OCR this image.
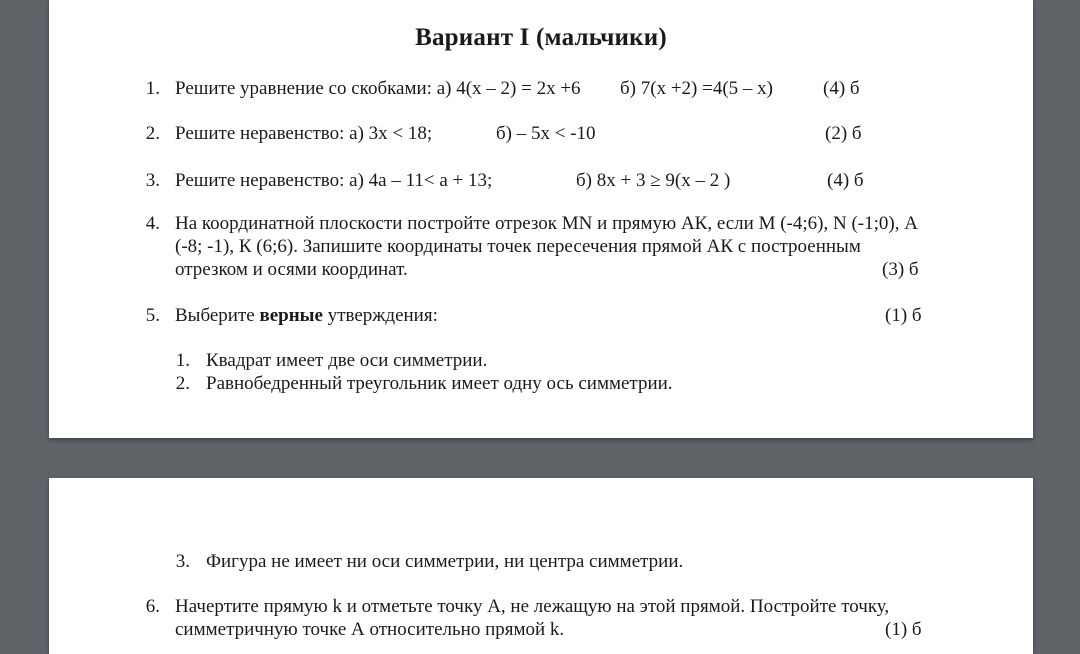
Вариант I (мальчики)
1. Решите уравнение со скобками: а) 4(х – 2) = 2х +6 б) 7(х +2) =4(5 – х)	(4) б
2. Решите неравенство: а) 3х < 18;	б) – 5х < -10	(2) б
3. Решите неравенство: а) 4а – 11< а + 13;	б) 8х + 3 ≥ 9(х – 2 )	(4) б
4. На координатной плоскости постройте отрезок MN и прямую АК, если М (-4;6), N (-1;0), А
(-8; -1), К (6;6). Запишите координаты точек пересечения прямой АК с построенным
отрезком и осями координат.	(3) б
5. Выберите верные утверждения:	(1) б
1. Квадрат имеет две оси симметрии.
2. Равнобедренный треугольник имеет одну ось симметрии.
3. Фигура не имеет ни оси симметрии, ни центра симметрии.
6. Начертите прямую k и отметьте точку А, не лежащую на этой прямой. Постройте точку,
симметричную точке А относительно прямой k.	(1) б
